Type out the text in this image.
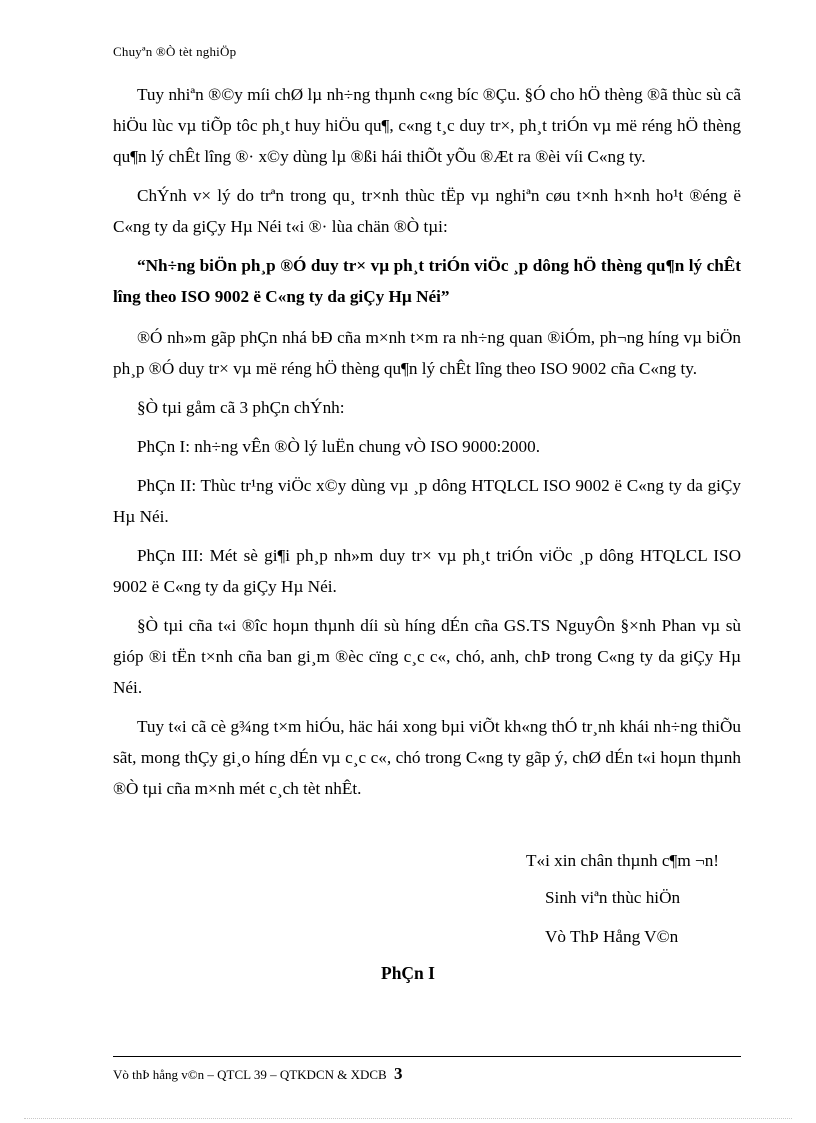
Chuyªn ®Ò tèt nghiÖp

Tuy nhiªn ®©y míi chØ lµ nh÷ng thµnh c«ng bíc ®Çu. §Ó cho hÖ thèng ®ã thùc sù cã hiÖu lùc vµ tiÕp tôc ph¸t huy hiÖu qu¶, c«ng t¸c duy tr×, ph¸t triÓn vµ më réng hÖ thèng qu¶n lý chÊt lîng ®· x©y dùng lµ ®ßi hái thiÕt yÕu ®Æt ra ®èi víi C«ng ty.

ChÝnh v× lý do trªn trong qu¸ tr×nh thùc tËp vµ nghiªn cøu t×nh h×nh ho¹t ®éng ë C«ng ty da giÇy Hµ Néi t«i ®· lùa chän ®Ò tµi:

“Nh÷ng biÖn ph¸p ®Ó duy tr× vµ ph¸t triÓn viÖc ¸p dông hÖ thèng qu¶n lý chÊt lîng theo ISO 9002 ë C«ng ty da giÇy Hµ Néi”

®Ó nh»m gãp phÇn nhá bÐ cña m×nh t×m ra nh÷ng quan ®iÓm, ph¬ng híng vµ biÖn ph¸p ®Ó duy tr× vµ më réng hÖ thèng qu¶n lý chÊt lîng theo ISO 9002 cña C«ng ty.

§Ò tµi gåm cã 3 phÇn chÝnh:

PhÇn I: nh÷ng vÊn ®Ò lý luËn chung vÒ ISO 9000:2000.

PhÇn II: Thùc tr¹ng viÖc x©y dùng vµ ¸p dông HTQLCL ISO 9002 ë C«ng ty da giÇy Hµ Néi.

PhÇn III: Mét sè gi¶i ph¸p nh»m duy tr× vµ ph¸t triÓn viÖc ¸p dông HTQLCL ISO 9002 ë C«ng ty da giÇy Hµ Néi.

§Ò tµi cña t«i ®îc hoµn thµnh díi sù híng dÉn cña GS.TS NguyÔn §×nh Phan vµ sù gióp ®i tËn t×nh cña ban gi¸m ®èc cïng c¸c c«, chó, anh, chÞ trong C«ng ty da giÇy Hµ Néi.

Tuy t«i cã cè g¾ng t×m hiÓu, häc hái xong bµi viÕt kh«ng thÓ tr¸nh khái nh÷ng thiÕu sãt, mong thÇy gi¸o híng dÉn vµ c¸c c«, chó trong C«ng ty gãp ý, chØ dÉn t«i hoµn thµnh ®Ò tµi cña m×nh mét c¸ch tèt nhÊt.

T«i xin chân thµnh c¶m ¬n!
Sinh viªn thùc hiÖn
Vò ThÞ Hång V©n
PhÇn I
Vò thÞ hång v©n – QTCL 39 – QTKDCN & XDCB 3
